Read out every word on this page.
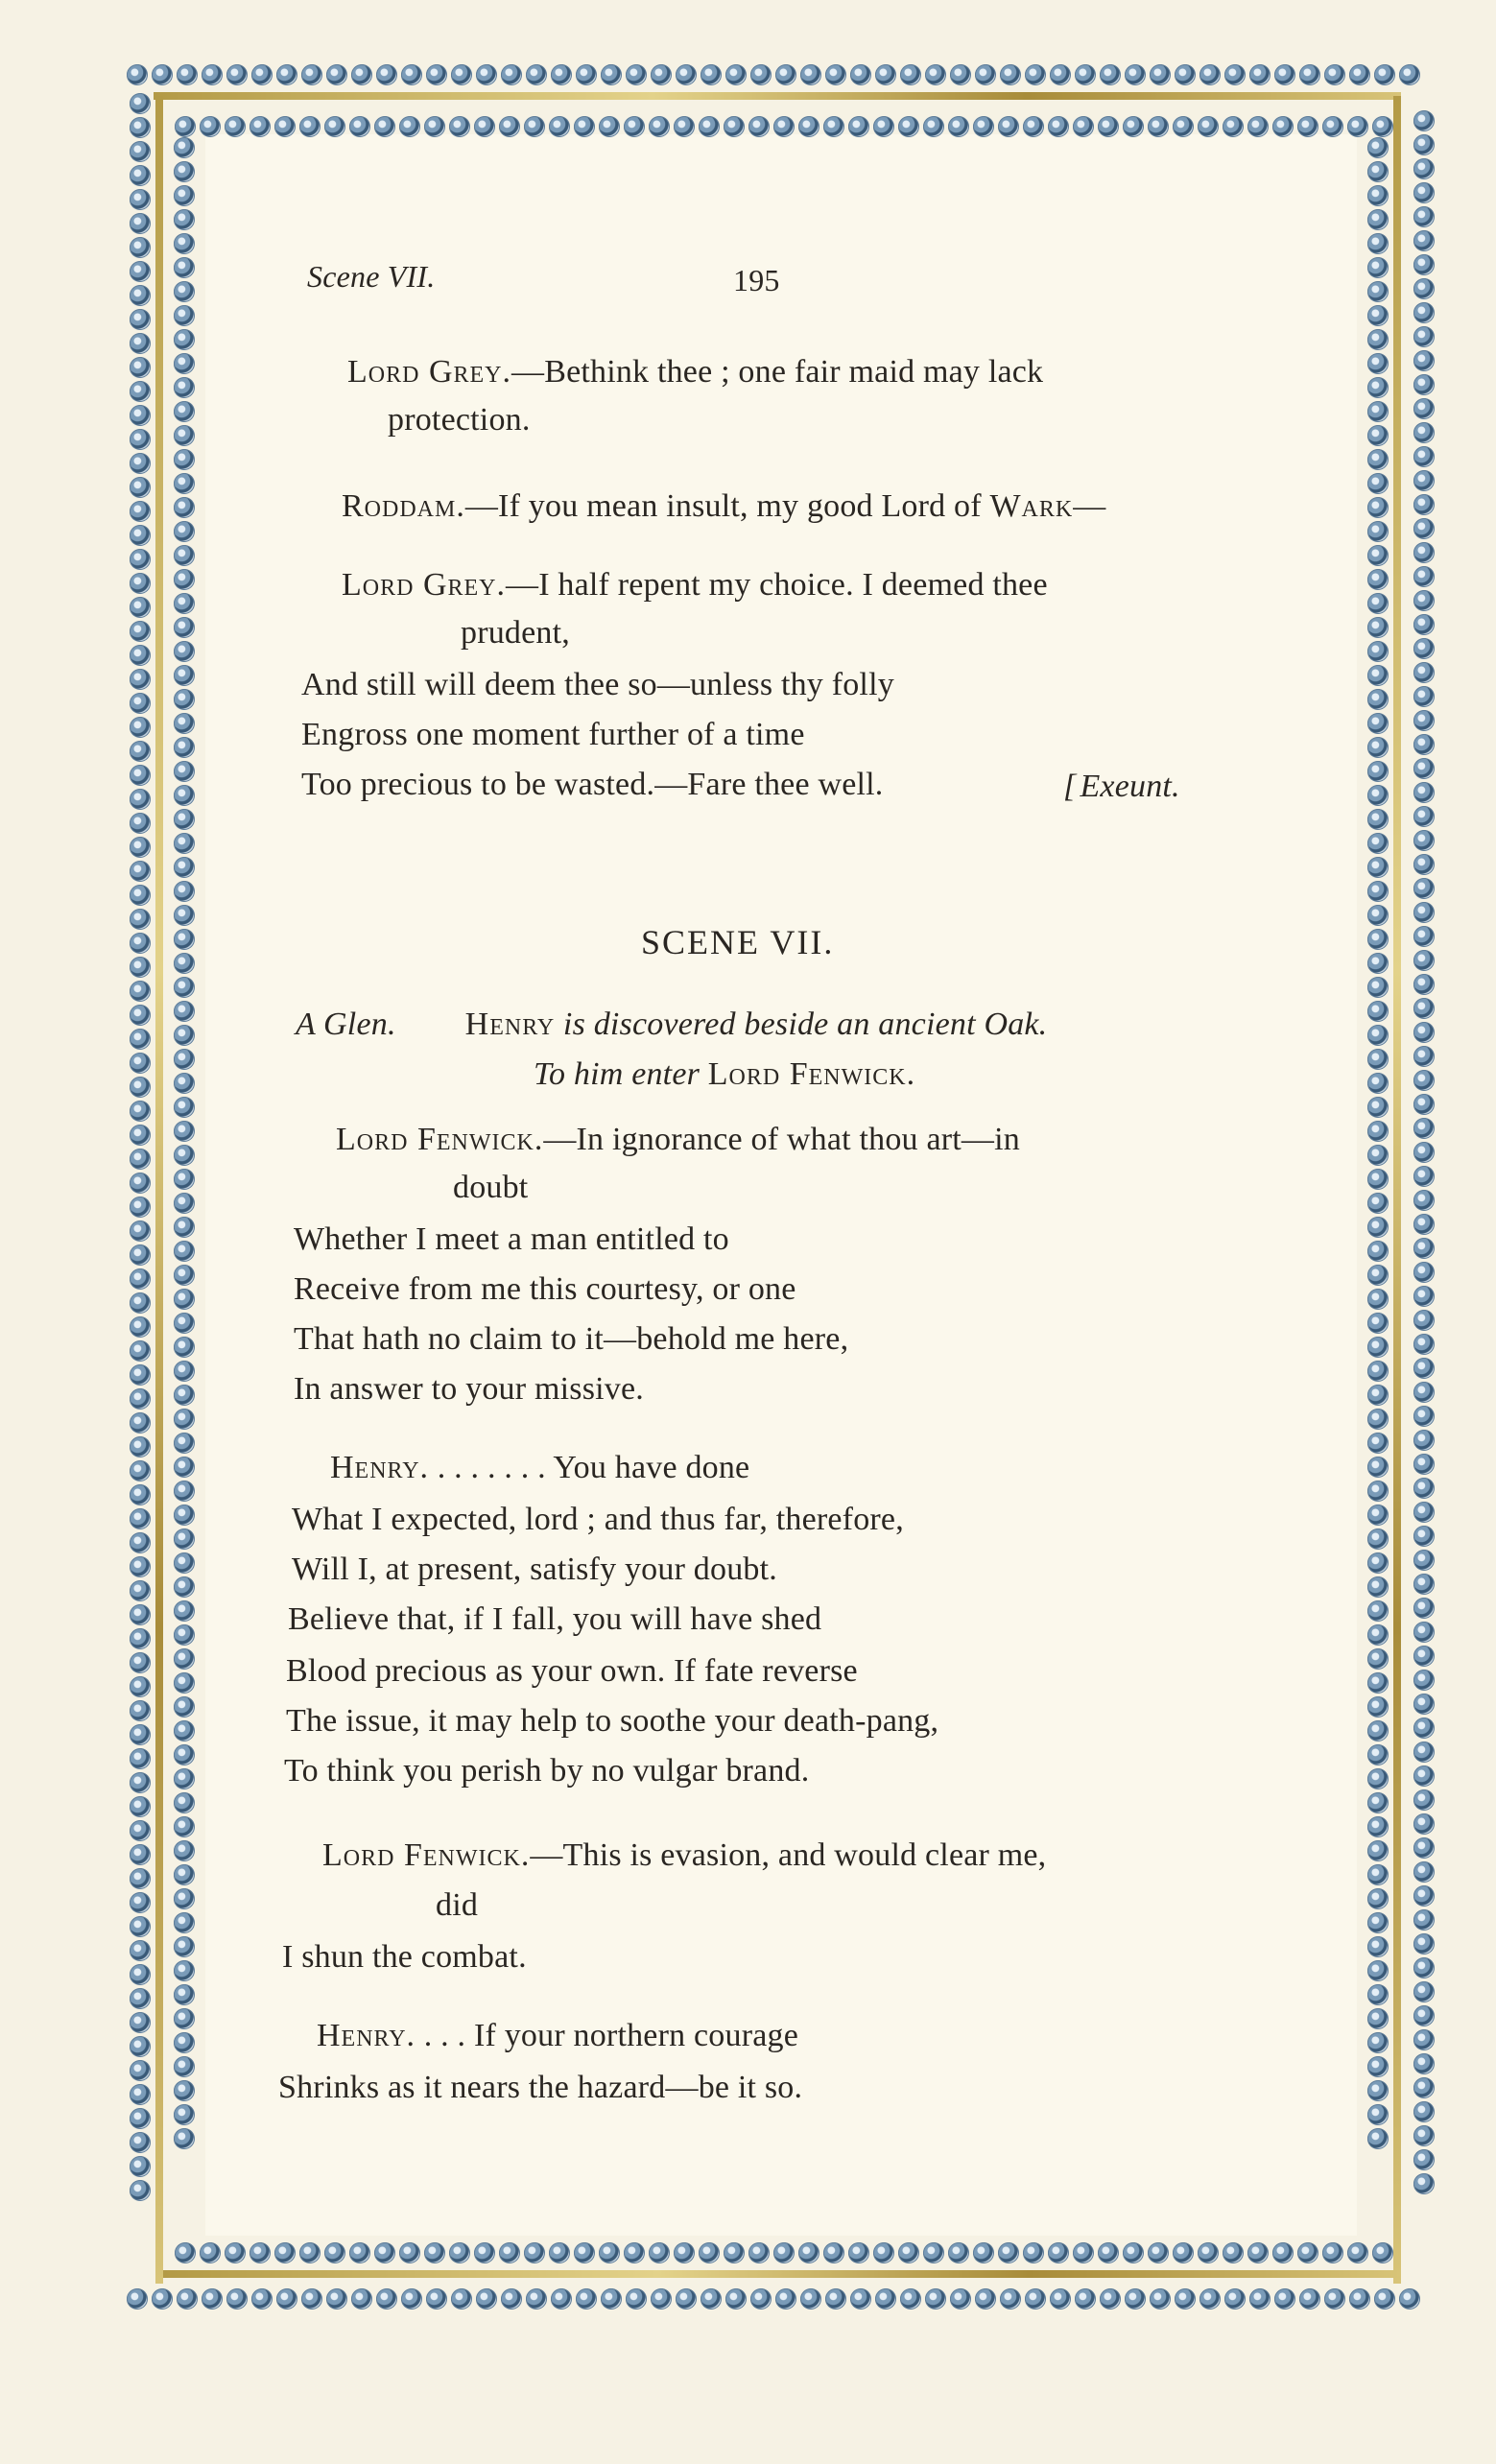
Scene VII.	195
Lord Grey.—Bethink thee ; one fair maid may lack
protection.
Roddam.—If you mean insult, my good Lord of Wark—
Lord Grey.—I half repent my choice. I deemed thee
prudent,
And still will deem thee so—unless thy folly
Engross one moment further of a time
Too precious to be wasted.—Fare thee well.	[ Exeunt.
SCENE VII.
A Glen. Henry is discovered beside an ancient Oak.
To him enter Lord Fenwick.
Lord Fenwick.—In ignorance of what thou art—in
doubt
Whether I meet a man entitled to
Receive from me this courtesy, or one
That hath no claim to it—behold me here,
In answer to your missive.
Henry. . . . . . . . You have done
What I expected, lord ; and thus far, therefore,
Will I, at present, satisfy your doubt.
Believe that, if I fall, you will have shed
Blood precious as your own. If fate reverse
The issue, it may help to soothe your death-pang,
To think you perish by no vulgar brand.
Lord Fenwick.—This is evasion, and would clear me,
did
I shun the combat.
Henry. . . . If your northern courage
Shrinks as it nears the hazard—be it so.
